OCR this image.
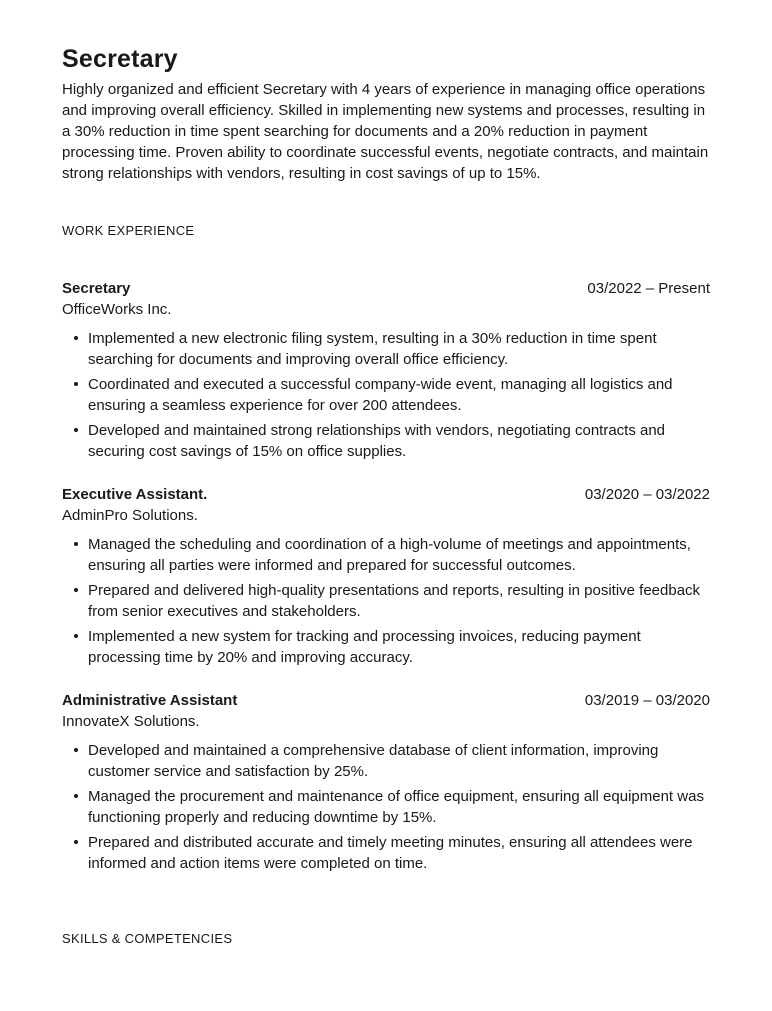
Secretary

Highly organized and efficient Secretary with 4 years of experience in managing office operations and improving overall efficiency. Skilled in implementing new systems and processes, resulting in a 30% reduction in time spent searching for documents and a 20% reduction in payment processing time. Proven ability to coordinate successful events, negotiate contracts, and maintain strong relationships with vendors, resulting in cost savings of up to 15%.

WORK EXPERIENCE
Secretary	03/2022 – Present
OfficeWorks Inc.
Implemented a new electronic filing system, resulting in a 30% reduction in time spent searching for documents and improving overall office efficiency.
Coordinated and executed a successful company-wide event, managing all logistics and ensuring a seamless experience for over 200 attendees.
Developed and maintained strong relationships with vendors, negotiating contracts and securing cost savings of 15% on office supplies.
Executive Assistant.	03/2020 – 03/2022
AdminPro Solutions.
Managed the scheduling and coordination of a high-volume of meetings and appointments, ensuring all parties were informed and prepared for successful outcomes.
Prepared and delivered high-quality presentations and reports, resulting in positive feedback from senior executives and stakeholders.
Implemented a new system for tracking and processing invoices, reducing payment processing time by 20% and improving accuracy.
Administrative Assistant	03/2019 – 03/2020
InnovateX Solutions.
Developed and maintained a comprehensive database of client information, improving customer service and satisfaction by 25%.
Managed the procurement and maintenance of office equipment, ensuring all equipment was functioning properly and reducing downtime by 15%.
Prepared and distributed accurate and timely meeting minutes, ensuring all attendees were informed and action items were completed on time.
SKILLS & COMPETENCIES
